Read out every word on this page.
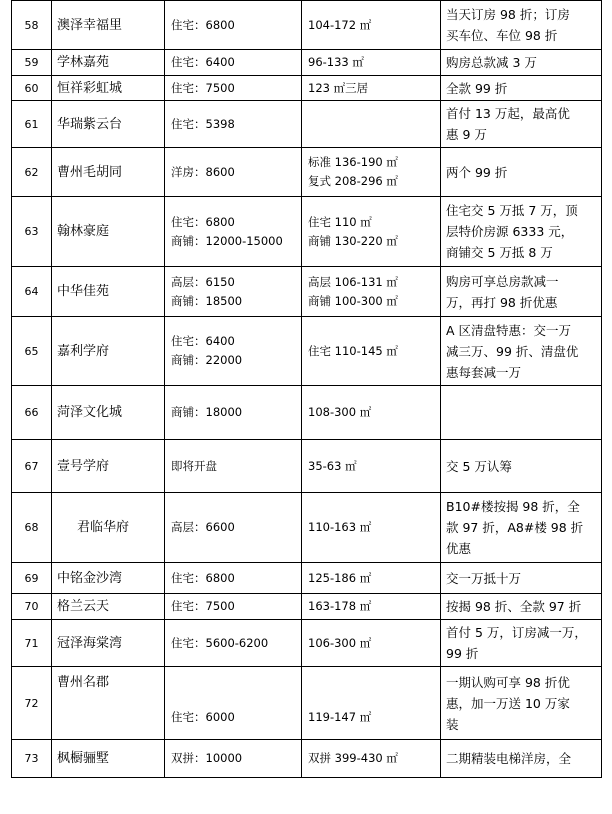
58	澳泽幸福里	住宅：6800	104-172 ㎡	当天订房 98 折；订房
买车位、车位 98 折

59	学林嘉苑	住宅：6400	96-133 ㎡	购房总款减 3 万

60	恒祥彩虹城	住宅：7500	123 ㎡三居	全款 99 折

61	华瑞紫云台	住宅：5398		首付 13 万起，最高优
惠 9 万

62	曹州毛胡同	洋房：8600	标准 136-190 ㎡
复式 208-296 ㎡	两个 99 折

63	翰林豪庭	住宅：6800
商铺：12000-15000	住宅 110 ㎡
商铺 130-220 ㎡	住宅交 5 万抵 7 万，顶
层特价房源 6333 元，
商铺交 5 万抵 8 万

64	中华佳苑	高层：6150
商铺：18500	高层 106-131 ㎡
商铺 100-300 ㎡	购房可享总房款减一
万，再打 98 折优惠

65	嘉利学府	住宅：6400
商铺：22000	住宅 110-145 ㎡	A 区清盘特惠：交一万
减三万、99 折、清盘优
惠每套减一万

66	菏泽文化城	商铺：18000	108-300 ㎡	

67	壹号学府	即将开盘	35-63 ㎡	交 5 万认筹

68	君临华府	高层：6600	110-163 ㎡	B10#楼按揭 98 折，全
款 97 折，A8#楼 98 折
优惠

69	中铭金沙湾	住宅：6800	125-186 ㎡	交一万抵十万

70	格兰云天	住宅：7500	163-178 ㎡	按揭 98 折、全款 97 折

71	冠泽海棠湾	住宅：5600-6200	106-300 ㎡	首付 5 万，订房减一万，
99 折

72	曹州名郡	住宅：6000	119-147 ㎡	一期认购可享 98 折优
惠，加一万送 10 万家
装

73	枫橱骊墅	双拼：10000	双拼 399-430 ㎡	二期精装电梯洋房，全
